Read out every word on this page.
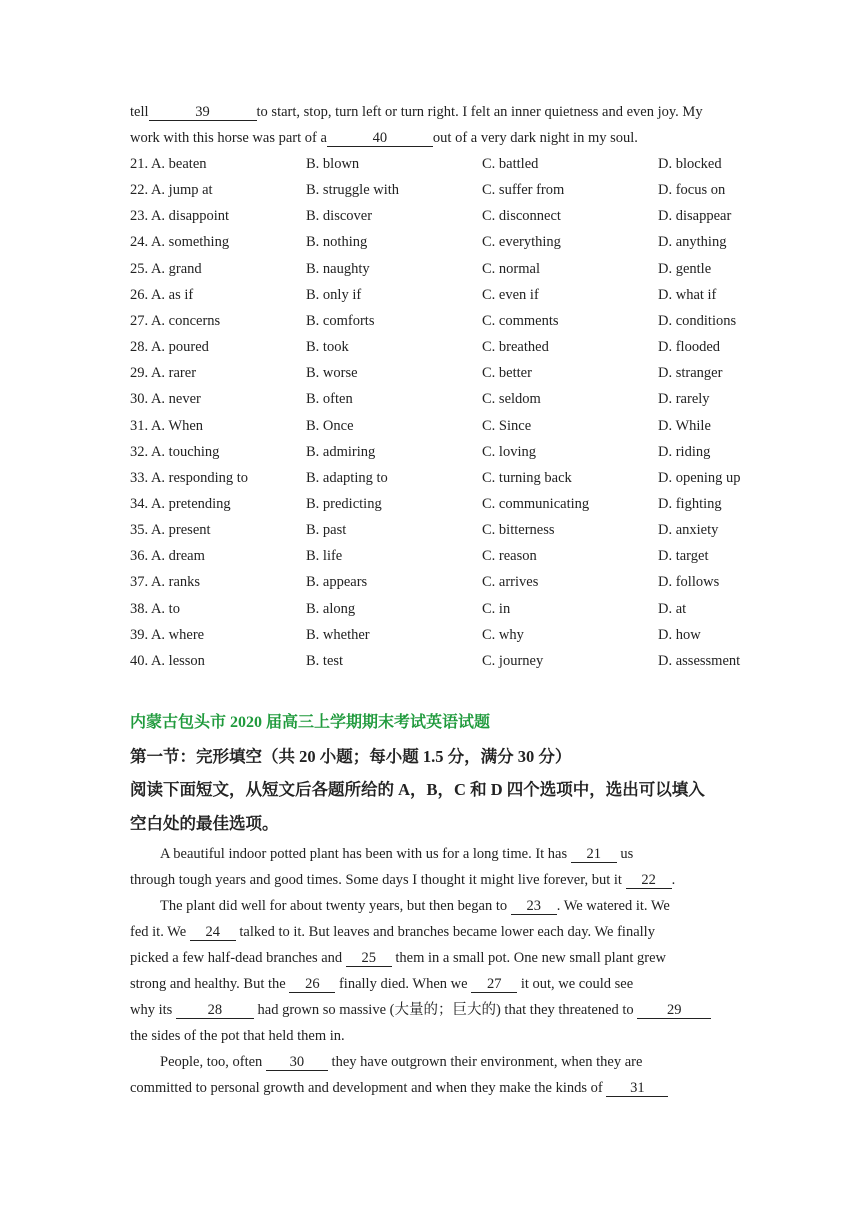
tell	39	to start, stop, turn left or turn right. I felt an inner quietness and even joy. My
work with this horse was part of a	40	out of a very dark night in my soul.
21. A. beaten	B. blown	C. battled	D. blocked
22. A. jump at	B. struggle with	C. suffer from	D. focus on
23. A. disappoint	B. discover	C. disconnect	D. disappear
24. A. something	B. nothing	C. everything	D. anything
25. A. grand	B. naughty	C. normal	D. gentle
26. A. as if	B. only if	C. even if	D. what if
27. A. concerns	B. comforts	C. comments	D. conditions
28. A. poured	B. took	C. breathed	D. flooded
29. A. rarer	B. worse	C. better	D. stranger
30. A. never	B. often	C. seldom	D. rarely
31. A. When	B. Once	C. Since	D. While
32. A. touching	B. admiring	C. loving	D. riding
33. A. responding to	B. adapting to	C. turning back	D. opening up
34. A. pretending	B. predicting	C. communicating	D. fighting
35. A. present	B. past	C. bitterness	D. anxiety
36. A. dream	B. life	C. reason	D. target
37. A. ranks	B. appears	C. arrives	D. follows
38. A. to	B. along	C. in	D. at
39. A. where	B. whether	C. why	D. how
40. A. lesson	B. test	C. journey	D. assessment
内蒙古包头市 2020 届高三上学期期末考试英语试题
第一节：完形填空（共 20 小题；每小题 1.5 分，满分 30 分）
阅读下面短文，从短文后各题所给的 A，B，C 和 D 四个选项中，选出可以填入
空白处的最佳选项。
A beautiful indoor potted plant has been with us for a long time. It has 21 us
through tough years and good times. Some days I thought it might live forever, but it 22 .
The plant did well for about twenty years, but then began to 23 . We watered it. We
fed it. We 24 talked to it. But leaves and branches became lower each day. We finally
picked a few half-dead branches and 25 them in a small pot. One new small plant grew
strong and healthy. But the 26 finally died. When we 27 it out, we could see
why its 28 had grown so massive (大量的；巨大的) that they threatened to 29
the sides of the pot that held them in.
People, too, often 30 they have outgrown their environment, when they are
committed to personal growth and development and when they make the kinds of 31
